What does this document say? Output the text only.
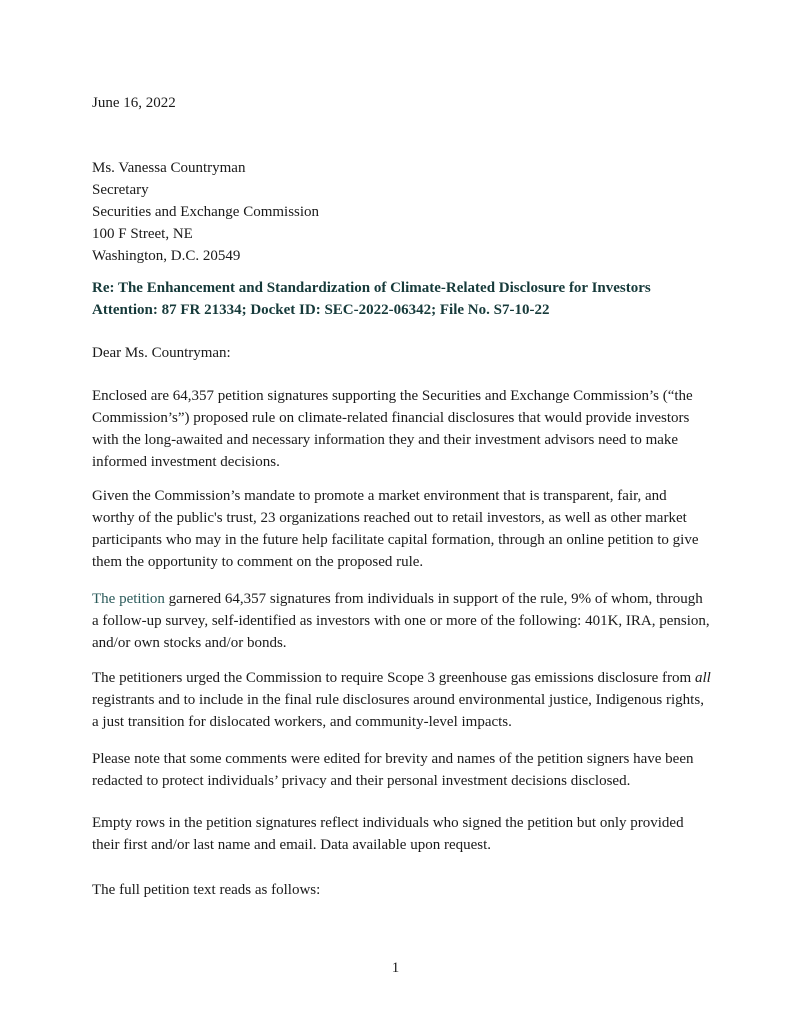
June 16, 2022

Ms. Vanessa Countryman
Secretary
Securities and Exchange Commission
100 F Street, NE
Washington, D.C. 20549
Re: The Enhancement and Standardization of Climate-Related Disclosure for Investors
Attention: 87 FR 21334; Docket ID: SEC-2022-06342; File No. S7-10-22

Dear Ms. Countryman:

Enclosed are 64,357 petition signatures supporting the Securities and Exchange Commission’s (“the Commission’s”) proposed rule on climate-related financial disclosures that would provide investors with the long-awaited and necessary information they and their investment advisors need to make informed investment decisions.

Given the Commission’s mandate to promote a market environment that is transparent, fair, and worthy of the public's trust, 23 organizations reached out to retail investors, as well as other market participants who may in the future help facilitate capital formation, through an online petition to give them the opportunity to comment on the proposed rule.

The petition garnered 64,357 signatures from individuals in support of the rule, 9% of whom, through a follow-up survey, self-identified as investors with one or more of the following: 401K, IRA, pension, and/or own stocks and/or bonds.

The petitioners urged the Commission to require Scope 3 greenhouse gas emissions disclosure from all registrants and to include in the final rule disclosures around environmental justice, Indigenous rights, a just transition for dislocated workers, and community-level impacts.

Please note that some comments were edited for brevity and names of the petition signers have been redacted to protect individuals’ privacy and their personal investment decisions disclosed.

Empty rows in the petition signatures reflect individuals who signed the petition but only provided their first and/or last name and email. Data available upon request.

The full petition text reads as follows:

1
